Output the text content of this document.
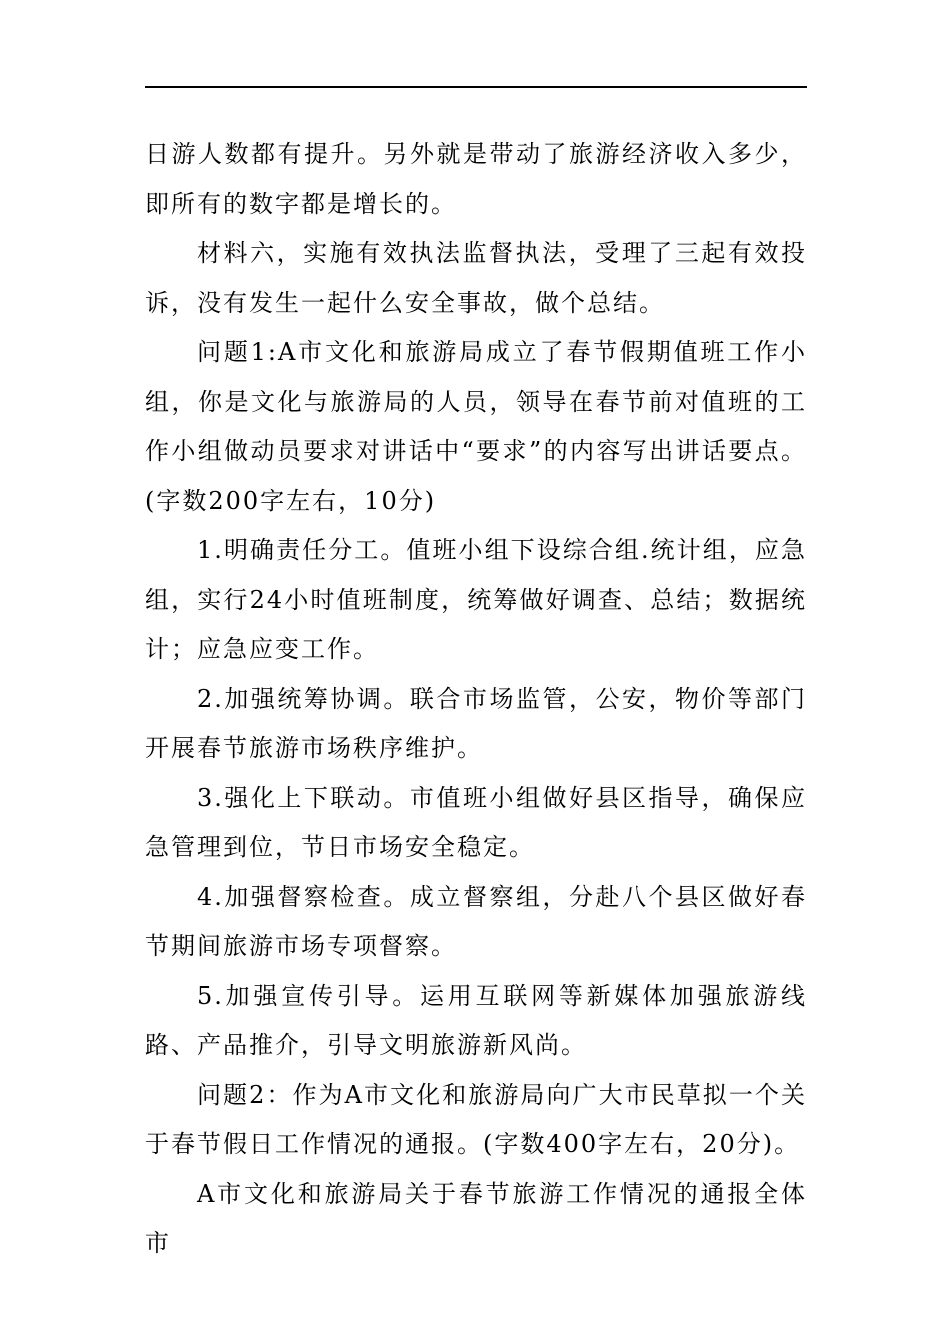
日游人数都有提升。另外就是带动了旅游经济收入多少，即所有的数字都是增长的。

材料六，实施有效执法监督执法，受理了三起有效投诉，没有发生一起什么安全事故，做个总结。

问题1:A市文化和旅游局成立了春节假期值班工作小组，你是文化与旅游局的人员，领导在春节前对值班的工作小组做动员要求对讲话中“要求”的内容写出讲话要点。(字数200字左右，10分)

1.明确责任分工。值班小组下设综合组.统计组，应急组，实行24小时值班制度，统筹做好调查、总结；数据统计；应急应变工作。

2.加强统筹协调。联合市场监管，公安，物价等部门开展春节旅游市场秩序维护。

3.强化上下联动。市值班小组做好县区指导，确保应急管理到位，节日市场安全稳定。

4.加强督察检查。成立督察组，分赴八个县区做好春节期间旅游市场专项督察。

5.加强宣传引导。运用互联网等新媒体加强旅游线路、产品推介，引导文明旅游新风尚。

问题2：作为A市文化和旅游局向广大市民草拟一个关于春节假日工作情况的通报。(字数400字左右，20分)。

A市文化和旅游局关于春节旅游工作情况的通报全体市
